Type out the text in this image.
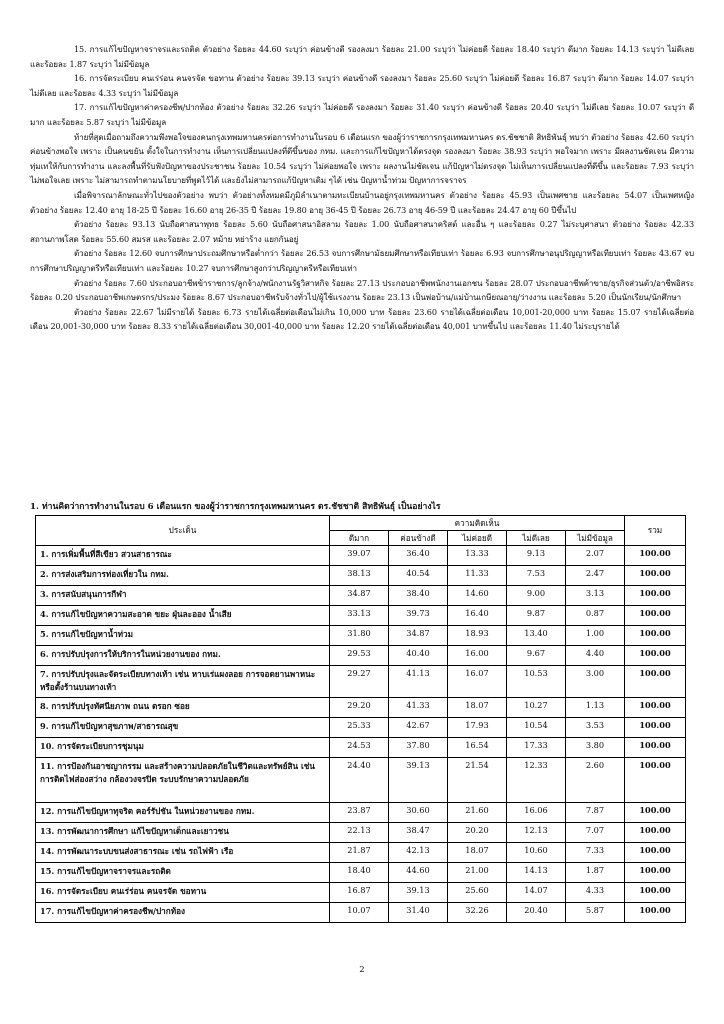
15. การแก้ไขปัญหาจราจรและรถติด ตัวอย่าง ร้อยละ 44.60 ระบุว่า ค่อนข้างดี รองลงมา ร้อยละ 21.00 ระบุว่า ไม่ค่อยดี ร้อยละ 18.40 ระบุว่า ดีมาก ร้อยละ 14.13 ระบุว่า ไม่ดีเลย และร้อยละ 1.87 ระบุว่า ไม่มีข้อมูล

16. การจัดระเบียบ คนเร่ร่อน คนจรจัด ขอทาน ตัวอย่าง ร้อยละ 39.13 ระบุว่า ค่อนข้างดี รองลงมา ร้อยละ 25.60 ระบุว่า ไม่ค่อยดี ร้อยละ 16.87 ระบุว่า ดีมาก ร้อยละ 14.07 ระบุว่า ไม่ดีเลย และร้อยละ 4.33 ระบุว่า ไม่มีข้อมูล

17. การแก้ไขปัญหาค่าครองชีพ/ปากท้อง ตัวอย่าง ร้อยละ 32.26 ระบุว่า ไม่ค่อยดี รองลงมา ร้อยละ 31.40 ระบุว่า ค่อนข้างดี ร้อยละ 20.40 ระบุว่า ไม่ดีเลย ร้อยละ 10.07 ระบุว่า ดีมาก และร้อยละ 5.87 ระบุว่า ไม่มีข้อมูล

ท้ายที่สุดเมื่อถามถึงความพึงพอใจของคนกรุงเทพมหานครต่อการทำงานในรอบ 6 เดือนแรก ของผู้ว่าราชการกรุงเทพมหานคร ดร.ชัชชาติ สิทธิพันธุ์ พบว่า ตัวอย่าง ร้อยละ 42.60 ระบุว่า ค่อนข้างพอใจ เพราะ เป็นคนขยัน ตั้งใจในการทำงาน เห็นการเปลี่ยนแปลงที่ดีขึ้นของ กทม. และการแก้ไขปัญหาได้ตรงจุด รองลงมา ร้อยละ 38.93 ระบุว่า พอใจมาก เพราะ มีผลงานชัดเจน มีความทุ่มเทให้กับการทำงาน และลงพื้นที่รับฟังปัญหาของประชาชน ร้อยละ 10.54 ระบุว่า ไม่ค่อยพอใจ เพราะ ผลงานไม่ชัดเจน แก้ปัญหาไม่ตรงจุด ไม่เห็นการเปลี่ยนแปลงที่ดีขึ้น และร้อยละ 7.93 ระบุว่า ไม่พอใจเลย เพราะ ไม่สามารถทำตามนโยบายที่พูดไว้ได้ และยังไม่สามารถแก้ปัญหาเดิม ๆได้ เช่น ปัญหาน้ำท่วม ปัญหาการจราจร

เมื่อพิจารณาลักษณะทั่วไปของตัวอย่าง พบว่า ตัวอย่างทั้งหมดมีภูมิลำเนาตามทะเบียนบ้านอยู่กรุงเทพมหานคร ตัวอย่าง ร้อยละ 45.93 เป็นเพศชาย และร้อยละ 54.07 เป็นเพศหญิง ตัวอย่าง ร้อยละ 12.40 อายุ 18-25 ปี ร้อยละ 16.60 อายุ 26-35 ปี ร้อยละ 19.80 อายุ 36-45 ปี ร้อยละ 26.73 อายุ 46-59 ปี และร้อยละ 24.47 อายุ 60 ปีขึ้นไป

ตัวอย่าง ร้อยละ 93.13 นับถือศาสนาพุทธ ร้อยละ 5.60 นับถือศาสนาอิสลาม ร้อยละ 1.00 นับถือศาสนาคริสต์ และอื่น ๆ และร้อยละ 0.27 ไม่ระบุศาสนา ตัวอย่าง ร้อยละ 42.33 สถานภาพโสด ร้อยละ 55.60 สมรส และร้อยละ 2.07 หม้าย หย่าร้าง แยกกันอยู่

ตัวอย่าง ร้อยละ 12.60 จบการศึกษาประถมศึกษาหรือต่ำกว่า ร้อยละ 26.53 จบการศึกษามัธยมศึกษาหรือเทียบเท่า ร้อยละ 6.93 จบการศึกษาอนุปริญญาหรือเทียบเท่า ร้อยละ 43.67 จบการศึกษาปริญญาตรีหรือเทียบเท่า และร้อยละ 10.27 จบการศึกษาสูงกว่าปริญญาตรีหรือเทียบเท่า

ตัวอย่าง ร้อยละ 7.60 ประกอบอาชีพข้าราชการ/ลูกจ้าง/พนักงานรัฐวิสาหกิจ ร้อยละ 27.13 ประกอบอาชีพพนักงานเอกชน ร้อยละ 28.07 ประกอบอาชีพค้าขาย/ธุรกิจส่วนตัว/อาชีพอิสระ ร้อยละ 0.20 ประกอบอาชีพเกษตรกร/ประมง ร้อยละ 8.67 ประกอบอาชีพรับจ้างทั่วไป/ผู้ใช้แรงงาน ร้อยละ 23.13 เป็นพ่อบ้าน/แม่บ้านเกษียณอายุ/ว่างงาน และร้อยละ 5.20 เป็นนักเรียน/นักศึกษา

ตัวอย่าง ร้อยละ 22.67 ไม่มีรายได้ ร้อยละ 6.73 รายได้เฉลี่ยต่อเดือนไม่เกิน 10,000 บาท ร้อยละ 23.60 รายได้เฉลี่ยต่อเดือน 10,001-20,000 บาท ร้อยละ 15.07 รายได้เฉลี่ยต่อเดือน 20,001-30,000 บาท ร้อยละ 8.33 รายได้เฉลี่ยต่อเดือน 30,001-40,000 บาท ร้อยละ 12.20 รายได้เฉลี่ยต่อเดือน 40,001 บาทขึ้นไป และร้อยละ 11.40 ไม่ระบุรายได้

1. ท่านคิดว่าการทำงานในรอบ 6 เดือนแรก ของผู้ว่าราชการกรุงเทพมหานคร ดร.ชัชชาติ สิทธิพันธุ์ เป็นอย่างไร
ประเด็น	ความคิดเห็น					รวม
	ดีมาก	ค่อนข้างดี	ไม่ค่อยดี	ไม่ดีเลย	ไม่มีข้อมูล	
1. การเพิ่มพื้นที่สีเขียว สวนสาธารณะ	39.07	36.40	13.33	9.13	2.07	100.00
2. การส่งเสริมการท่องเที่ยวใน กทม.	38.13	40.54	11.33	7.53	2.47	100.00
3. การสนับสนุนการกีฬา	34.87	38.40	14.60	9.00	3.13	100.00
4. การแก้ไขปัญหาความสะอาด ขยะ ฝุ่นละออง น้ำเสีย	33.13	39.73	16.40	9.87	0.87	100.00
5. การแก้ไขปัญหาน้ำท่วม	31.80	34.87	18.93	13.40	1.00	100.00
6. การปรับปรุงการให้บริการในหน่วยงานของ กทม.	29.53	40.40	16.00	9.67	4.40	100.00
7. การปรับปรุงและจัดระเบียบทางเท้า เช่น หาบเร่แผงลอย การจอดยานพาหนะหรือตั้งร้านบนทางเท้า	29.27	41.13	16.07	10.53	3.00	100.00
8. การปรับปรุงทัศนียภาพ ถนน ตรอก ซอย	29.20	41.33	18.07	10.27	1.13	100.00
9. การแก้ไขปัญหาสุขภาพ/สาธารณสุข	25.33	42.67	17.93	10.54	3.53	100.00
10. การจัดระเบียบการชุมนุม	24.53	37.80	16.54	17.33	3.80	100.00
11. การป้องกันอาชญากรรม และสร้างความปลอดภัยในชีวิตและทรัพย์สิน เช่น การติดไฟส่องสว่าง กล้องวงจรปิด ระบบรักษาความปลอดภัย	24.40	39.13	21.54	12.33	2.60	100.00
12. การแก้ไขปัญหาทุจริต คอร์รัปชัน ในหน่วยงานของ กทม.	23.87	30.60	21.60	16.06	7.87	100.00
13. การพัฒนาการศึกษา แก้ไขปัญหาเด็กและเยาวชน	22.13	38.47	20.20	12.13	7.07	100.00
14. การพัฒนาระบบขนส่งสาธารณะ เช่น รถไฟฟ้า เรือ	21.87	42.13	18.07	10.60	7.33	100.00
15. การแก้ไขปัญหาจราจรและรถติด	18.40	44.60	21.00	14.13	1.87	100.00
16. การจัดระเบียบ คนเร่ร่อน คนจรจัด ขอทาน	16.87	39.13	25.60	14.07	4.33	100.00
17. การแก้ไขปัญหาค่าครองชีพ/ปากท้อง	10.07	31.40	32.26	20.40	5.87	100.00
2
